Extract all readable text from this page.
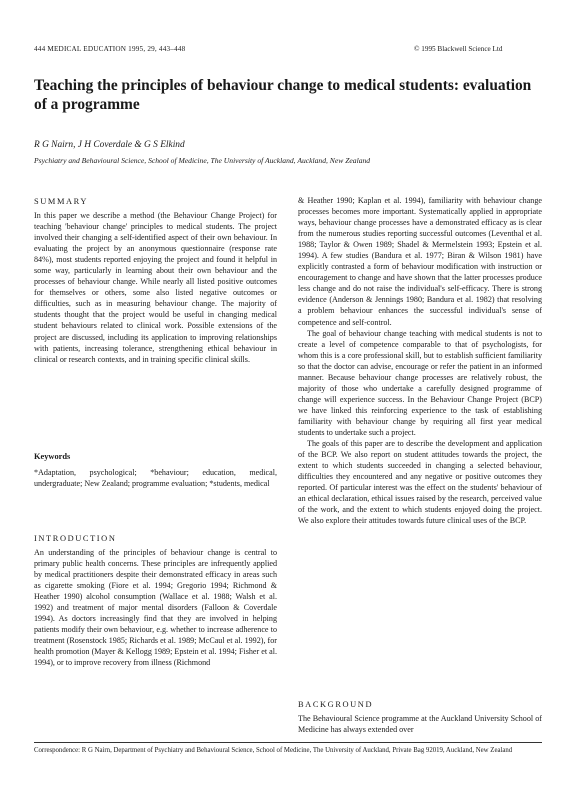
444 MEDICAL EDUCATION 1995, 29, 443–448	© 1995 Blackwell Science Ltd
Teaching the principles of behaviour change to medical students: evaluation of a programme
R G Nairn, J H Coverdale & G S Elkind
Psychiatry and Behavioural Science, School of Medicine, The University of Auckland, Auckland, New Zealand

SUMMARY

In this paper we describe a method (the Behaviour Change Project) for teaching 'behaviour change' principles to medical students. The project involved their changing a self-identified aspect of their own behaviour. In evaluating the project by an anonymous questionnaire (response rate 84%), most students reported enjoying the project and found it helpful in some way, particularly in learning about their own behaviour and the processes of behaviour change. While nearly all listed positive outcomes for themselves or others, some also listed negative outcomes or difficulties, such as in measuring behaviour change. The majority of students thought that the project would be useful in changing medical student behaviours related to clinical work. Possible extensions of the project are discussed, including its application to improving relationships with patients, increasing tolerance, strengthening ethical behaviour in clinical or research contexts, and in training specific clinical skills.

Keywords

*Adaptation, psychological; *behaviour; education, medical, undergraduate; New Zealand; programme evaluation; *students, medical

INTRODUCTION

An understanding of the principles of behaviour change is central to primary public health concerns. These principles are infrequently applied by medical practitioners despite their demonstrated efficacy in areas such as cigarette smoking (Fiore et al. 1994; Gregorio 1994; Richmond & Heather 1990) alcohol consumption (Wallace et al. 1988; Walsh et al. 1992) and treatment of major mental disorders (Falloon & Coverdale 1994). As doctors increasingly find that they are involved in helping patients modify their own behaviour, e.g. whether to increase adherence to treatment (Rosenstock 1985; Richards et al. 1989; McCaul et al. 1992), for health promotion (Mayer & Kellogg 1989; Epstein et al. 1994; Fisher et al. 1994), or to improve recovery from illness (Richmond

& Heather 1990; Kaplan et al. 1994), familiarity with behaviour change processes becomes more important. Systematically applied in appropriate ways, behaviour change processes have a demonstrated efficacy as is clear from the numerous studies reporting successful outcomes (Leventhal et al. 1988; Taylor & Owen 1989; Shadel & Mermelstein 1993; Epstein et al. 1994). A few studies (Bandura et al. 1977; Biran & Wilson 1981) have explicitly contrasted a form of behaviour modification with instruction or encouragement to change and have shown that the latter processes produce less change and do not raise the individual's self-efficacy. There is strong evidence (Anderson & Jennings 1980; Bandura et al. 1982) that resolving a problem behaviour enhances the successful individual's sense of competence and self-control.

The goal of behaviour change teaching with medical students is not to create a level of competence comparable to that of psychologists, for whom this is a core professional skill, but to establish sufficient familiarity so that the doctor can advise, encourage or refer the patient in an informed manner. Because behaviour change processes are relatively robust, the majority of those who undertake a carefully designed programme of change will experience success. In the Behaviour Change Project (BCP) we have linked this reinforcing experience to the task of establishing familiarity with behaviour change by requiring all first year medical students to undertake such a project.

The goals of this paper are to describe the development and application of the BCP. We also report on student attitudes towards the project, the extent to which students succeeded in changing a selected behaviour, difficulties they encountered and any negative or positive outcomes they reported. Of particular interest was the effect on the students' behaviour of an ethical declaration, ethical issues raised by the research, perceived value of the work, and the extent to which students enjoyed doing the project. We also explore their attitudes towards future clinical uses of the BCP.

BACKGROUND

The Behavioural Science programme at the Auckland University School of Medicine has always extended over

Correspondence: R G Nairn, Department of Psychiatry and Behavioural Science, School of Medicine, The University of Auckland, Private Bag 92019, Auckland, New Zealand
